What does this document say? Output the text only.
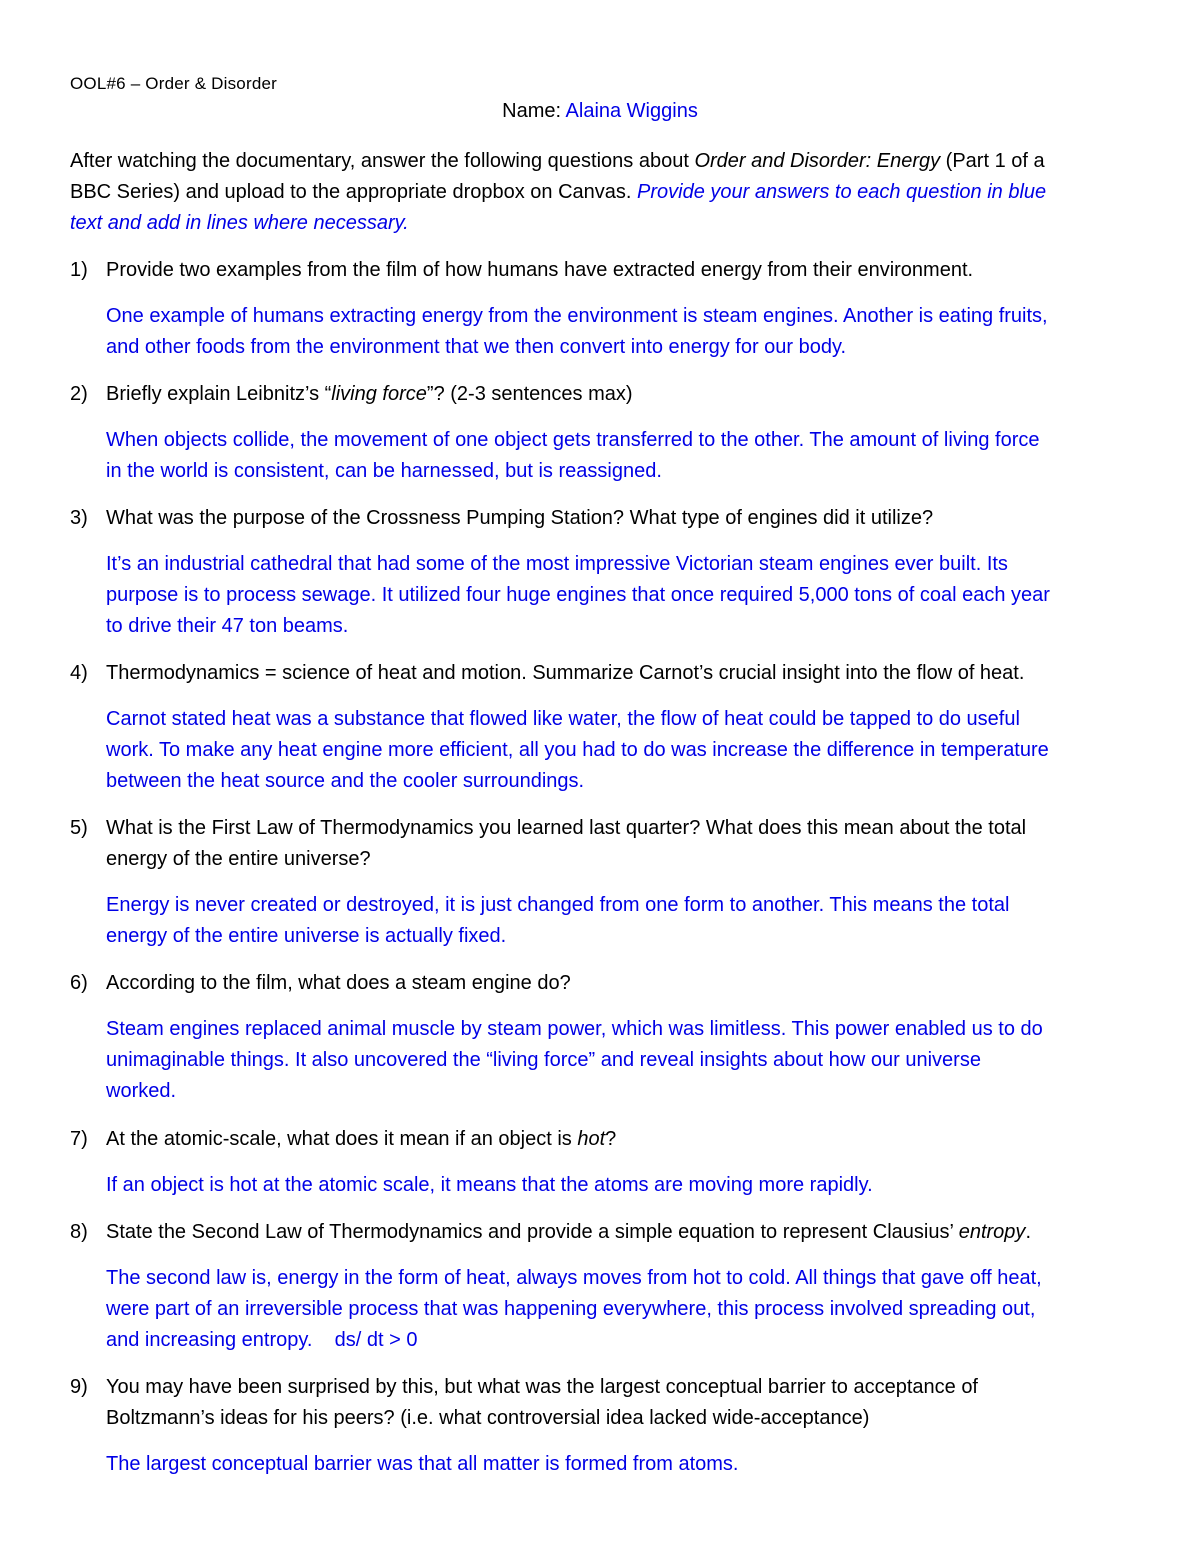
OOL#6 – Order & Disorder
Name: Alaina Wiggins
After watching the documentary, answer the following questions about Order and Disorder: Energy (Part 1 of a
BBC Series) and upload to the appropriate dropbox on Canvas. Provide your answers to each question in blue
text and add in lines where necessary.
1) Provide two examples from the film of how humans have extracted energy from their environment.
One example of humans extracting energy from the environment is steam engines. Another is eating fruits,
and other foods from the environment that we then convert into energy for our body.
2) Briefly explain Leibnitz’s “living force”? (2-3 sentences max)
When objects collide, the movement of one object gets transferred to the other. The amount of living force
in the world is consistent, can be harnessed, but is reassigned.
3) What was the purpose of the Crossness Pumping Station? What type of engines did it utilize?
It’s an industrial cathedral that had some of the most impressive Victorian steam engines ever built. Its
purpose is to process sewage. It utilized four huge engines that once required 5,000 tons of coal each year
to drive their 47 ton beams.
4) Thermodynamics = science of heat and motion. Summarize Carnot’s crucial insight into the flow of heat.
Carnot stated heat was a substance that flowed like water, the flow of heat could be tapped to do useful
work. To make any heat engine more efficient, all you had to do was increase the difference in temperature
between the heat source and the cooler surroundings.
5) What is the First Law of Thermodynamics you learned last quarter? What does this mean about the total
energy of the entire universe?
Energy is never created or destroyed, it is just changed from one form to another. This means the total
energy of the entire universe is actually fixed.
6) According to the film, what does a steam engine do?
Steam engines replaced animal muscle by steam power, which was limitless. This power enabled us to do
unimaginable things. It also uncovered the “living force” and reveal insights about how our universe
worked.
7) At the atomic-scale, what does it mean if an object is hot?
If an object is hot at the atomic scale, it means that the atoms are moving more rapidly.
8) State the Second Law of Thermodynamics and provide a simple equation to represent Clausius’ entropy.
The second law is, energy in the form of heat, always moves from hot to cold. All things that gave off heat,
were part of an irreversible process that was happening everywhere, this process involved spreading out,
and increasing entropy.    ds/ dt > 0
9) You may have been surprised by this, but what was the largest conceptual barrier to acceptance of
Boltzmann’s ideas for his peers? (i.e. what controversial idea lacked wide-acceptance)
The largest conceptual barrier was that all matter is formed from atoms.
